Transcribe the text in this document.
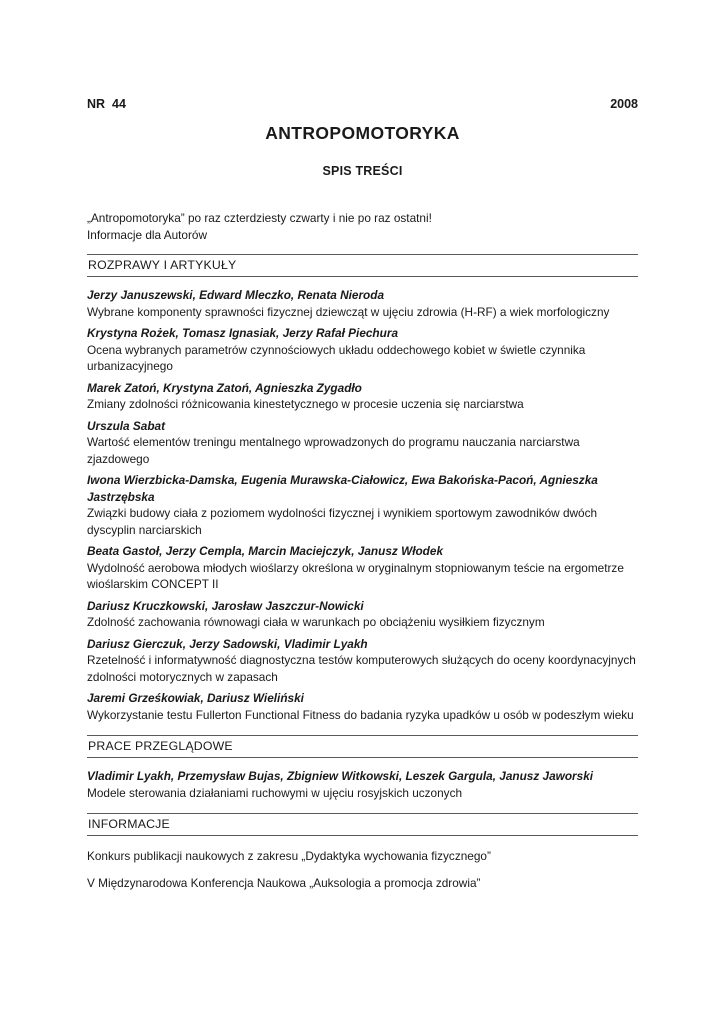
NR  44	2008
ANTROPOMOTORYKA
SPIS TREŚCI
„Antropomotoryka” po raz czterdziesty czwarty i nie po raz ostatni!
Informacje dla Autorów
ROZPRAWY I ARTYKUŁY
Jerzy Januszewski, Edward Mleczko, Renata Nieroda
Wybrane komponenty sprawności fizycznej dziewcząt w ujęciu zdrowia (H-RF) a wiek morfologiczny
Krystyna Rożek, Tomasz Ignasiak, Jerzy Rafał Piechura
Ocena wybranych parametrów czynnościowych układu oddechowego kobiet w świetle czynnika urbanizacyjnego
Marek Zatoń, Krystyna Zatoń, Agnieszka Zygadło
Zmiany zdolności różnicowania kinestetycznego w procesie uczenia się narciarstwa
Urszula Sabat
Wartość elementów treningu mentalnego wprowadzonych do programu nauczania narciarstwa zjazdowego
Iwona Wierzbicka-Damska, Eugenia Murawska-Ciałowicz, Ewa Bakońska-Pacoń, Agnieszka Jastrzębska
Związki budowy ciała z poziomem wydolności fizycznej i wynikiem sportowym zawodników dwóch dyscyplin narciarskich
Beata Gastoł, Jerzy Cempla, Marcin Maciejczyk, Janusz Włodek
Wydolność aerobowa młodych wioślarzy określona w oryginalnym stopniowanym teście na ergometrze wioślarskim CONCEPT II
Dariusz Kruczkowski, Jarosław Jaszczur-Nowicki
Zdolność zachowania równowagi ciała w warunkach po obciążeniu wysiłkiem fizycznym
Dariusz Gierczuk, Jerzy Sadowski, Vladimir Lyakh
Rzetelność i informatywność diagnostyczna testów komputerowych służących do oceny koordynacyjnych zdolności motorycznych w zapasach
Jaremi Grześkowiak, Dariusz Wieliński
Wykorzystanie testu Fullerton Functional Fitness do badania ryzyka upadków u osób w podeszłym wieku
PRACE PRZEGLĄDOWE
Vladimir Lyakh, Przemysław Bujas, Zbigniew Witkowski, Leszek Gargula, Janusz Jaworski
Modele sterowania działaniami ruchowymi w ujęciu rosyjskich uczonych
INFORMACJE
Konkurs publikacji naukowych z zakresu „Dydaktyka wychowania fizycznego”
V Międzynarodowa Konferencja Naukowa „Auksologia a promocja zdrowia”
